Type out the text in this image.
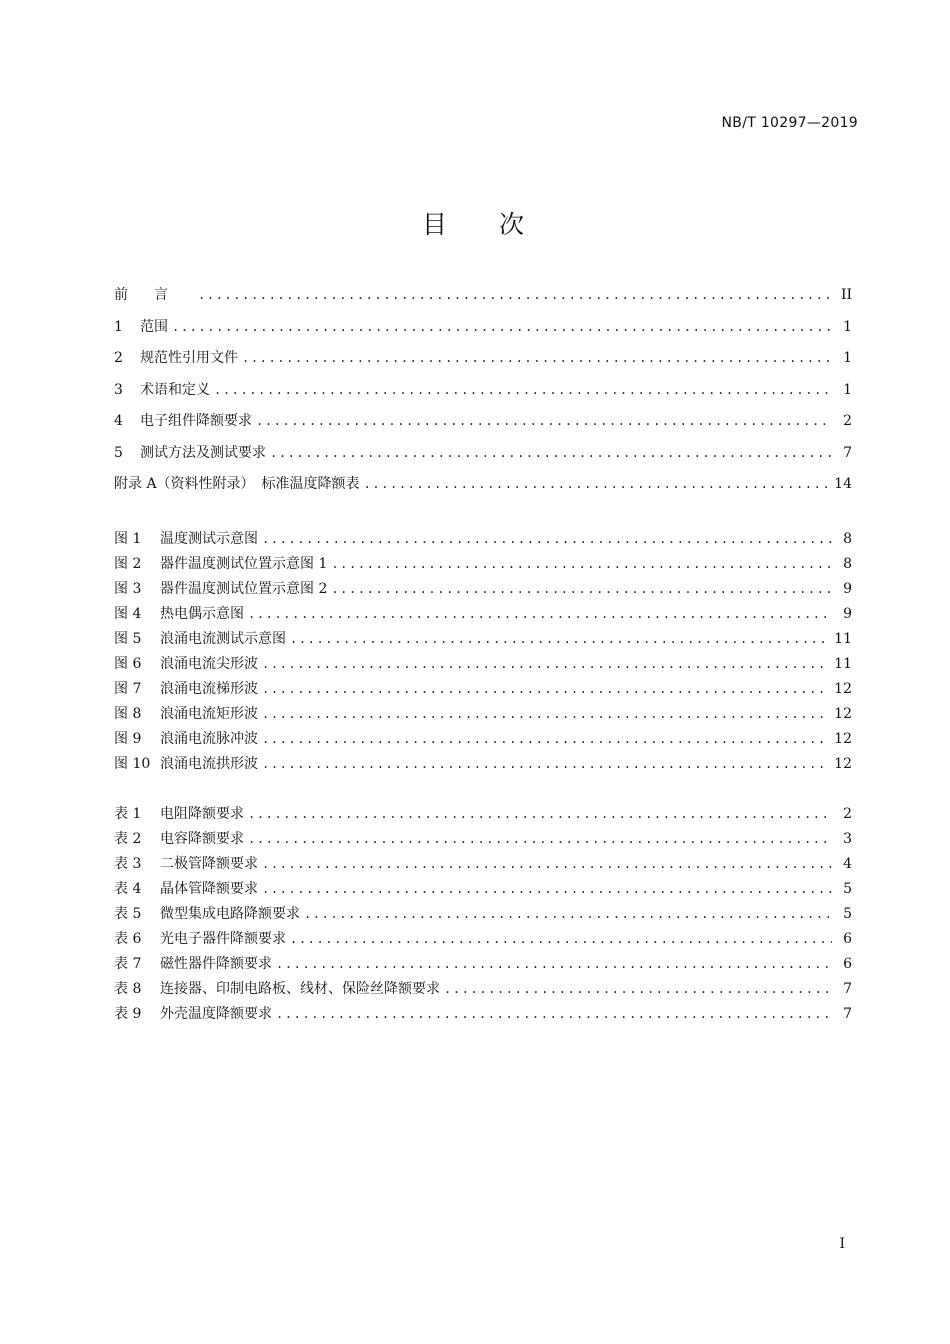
NB/T 10297—2019
目 次
前言 .....	II
1	范围 .....	1
2	规范性引用文件 .....	1
3	术语和定义 .....	1
4	电子组件降额要求 .....	2
5	测试方法及测试要求 .....	7
附录 A（资料性附录）　标准温度降额表 .....	14
图 1	温度测试示意图 .....	8
图 2	器件温度测试位置示意图 1 .....	8
图 3	器件温度测试位置示意图 2 .....	9
图 4	热电偶示意图 .....	9
图 5	浪涌电流测试示意图 .....	11
图 6	浪涌电流尖形波 .....	11
图 7	浪涌电流梯形波 .....	12
图 8	浪涌电流矩形波 .....	12
图 9	浪涌电流脉冲波 .....	12
图 10 浪涌电流拱形波 .....	12
表 1	电阻降额要求 .....	2
表 2	电容降额要求 .....	3
表 3	二极管降额要求 .....	4
表 4	晶体管降额要求 .....	5
表 5	微型集成电路降额要求 .....	5
表 6	光电子器件降额要求 .....	6
表 7	磁性器件降额要求 .....	6
表 8	连接器、印制电路板、线材、保险丝降额要求 .....	7
表 9	外壳温度降额要求 .....	7
I
